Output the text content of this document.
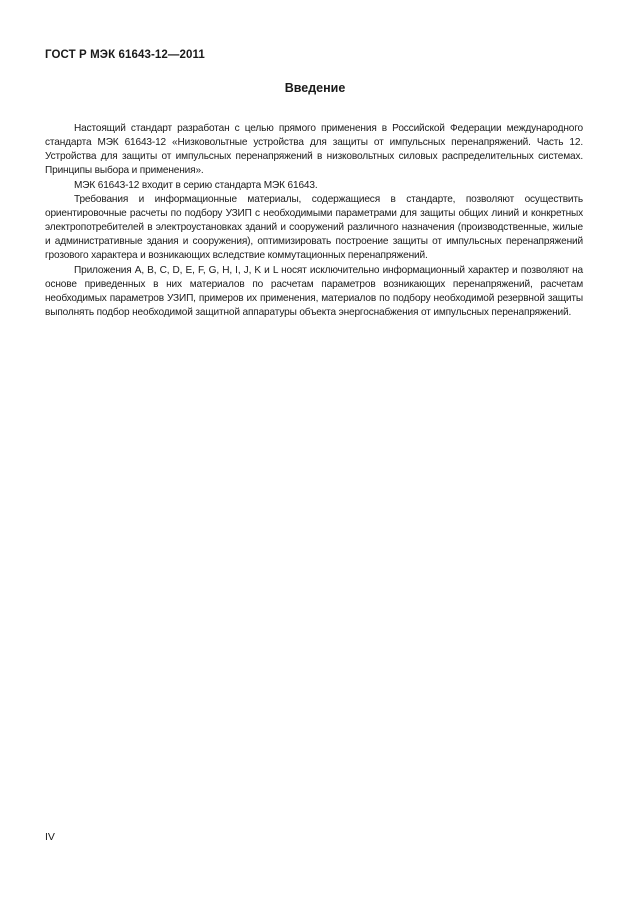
ГОСТ Р МЭК 61643-12—2011
Введение

Настоящий стандарт разработан с целью прямого применения в Российской Федерации международного стандарта МЭК 61643-12 «Низковольтные устройства для защиты от импульсных перенапряжений. Часть 12. Устройства для защиты от импульсных перенапряжений в низковольтных силовых распределительных системах. Принципы выбора и применения».

МЭК 61643-12 входит в серию стандарта МЭК 61643.

Требования и информационные материалы, содержащиеся в стандарте, позволяют осуществить ориентировочные расчеты по подбору УЗИП с необходимыми параметрами для защиты общих линий и конкретных электропотребителей в электроустановках зданий и сооружений различного назначения (производственные, жилые и административные здания и сооружения), оптимизировать построение защиты от импульсных перенапряжений грозового характера и возникающих вследствие коммутационных перенапряжений.

Приложения A, B, C, D, E, F, G, H, I, J, K и L носят исключительно информационный характер и позволяют на основе приведенных в них материалов по расчетам параметров возникающих перенапряжений, расчетам необходимых параметров УЗИП, примеров их применения, материалов по подбору необходимой резервной защиты выполнять подбор необходимой защитной аппаратуры объекта энергоснабжения от импульсных перенапряжений.

IV
